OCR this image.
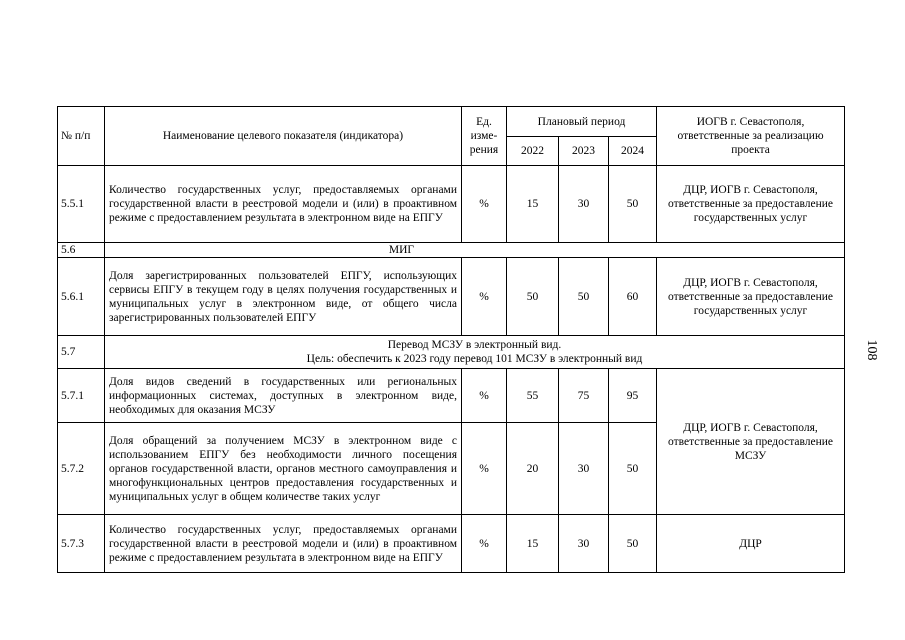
№ п/п	Наименование целевого показателя (индикатора)	Ед. изме- рения	Плановый период			ИОГВ г. Севастополя, ответственные за реализацию проекта
			2022	2023	2024	
5.5.1	Количество государственных услуг, предоставляемых органами государственной власти в реестровой модели и (или) в проактивном режиме с предоставлением результата в электронном виде на ЕПГУ	%	15	30	50	ДЦР, ИОГВ г. Севастополя, ответственные за предоставление государственных услуг
5.6	МИГ					
5.6.1	Доля зарегистрированных пользователей ЕПГУ, использующих сервисы ЕПГУ в текущем году в целях получения государственных и муниципальных услуг в электронном виде, от общего числа зарегистрированных пользователей ЕПГУ	%	50	50	60	ДЦР, ИОГВ г. Севастополя, ответственные за предоставление государственных услуг
5.7	Перевод МСЗУ в электронный вид.
Цель: обеспечить к 2023 году перевод 101 МСЗУ в электронный вид					

5.7.1	Доля видов сведений в государственных или региональных информационных системах, доступных в электронном виде, необходимых для оказания МСЗУ	%	55	75	95	ДЦР, ИОГВ г. Севастополя, ответственные за предоставление МСЗУ
5.7.2	Доля обращений за получением МСЗУ в электронном виде с использованием ЕПГУ без необходимости личного посещения органов государственной власти, органов местного самоуправления и многофункциональных центров предоставления государственных и муниципальных услуг в общем количестве таких услуг	%	20	30	50	
5.7.3	Количество государственных услуг, предоставляемых органами государственной власти в реестровой модели и (или) в проактивном режиме с предоставлением результата в электронном виде на ЕПГУ	%	15	30	50	ДЦР
108
